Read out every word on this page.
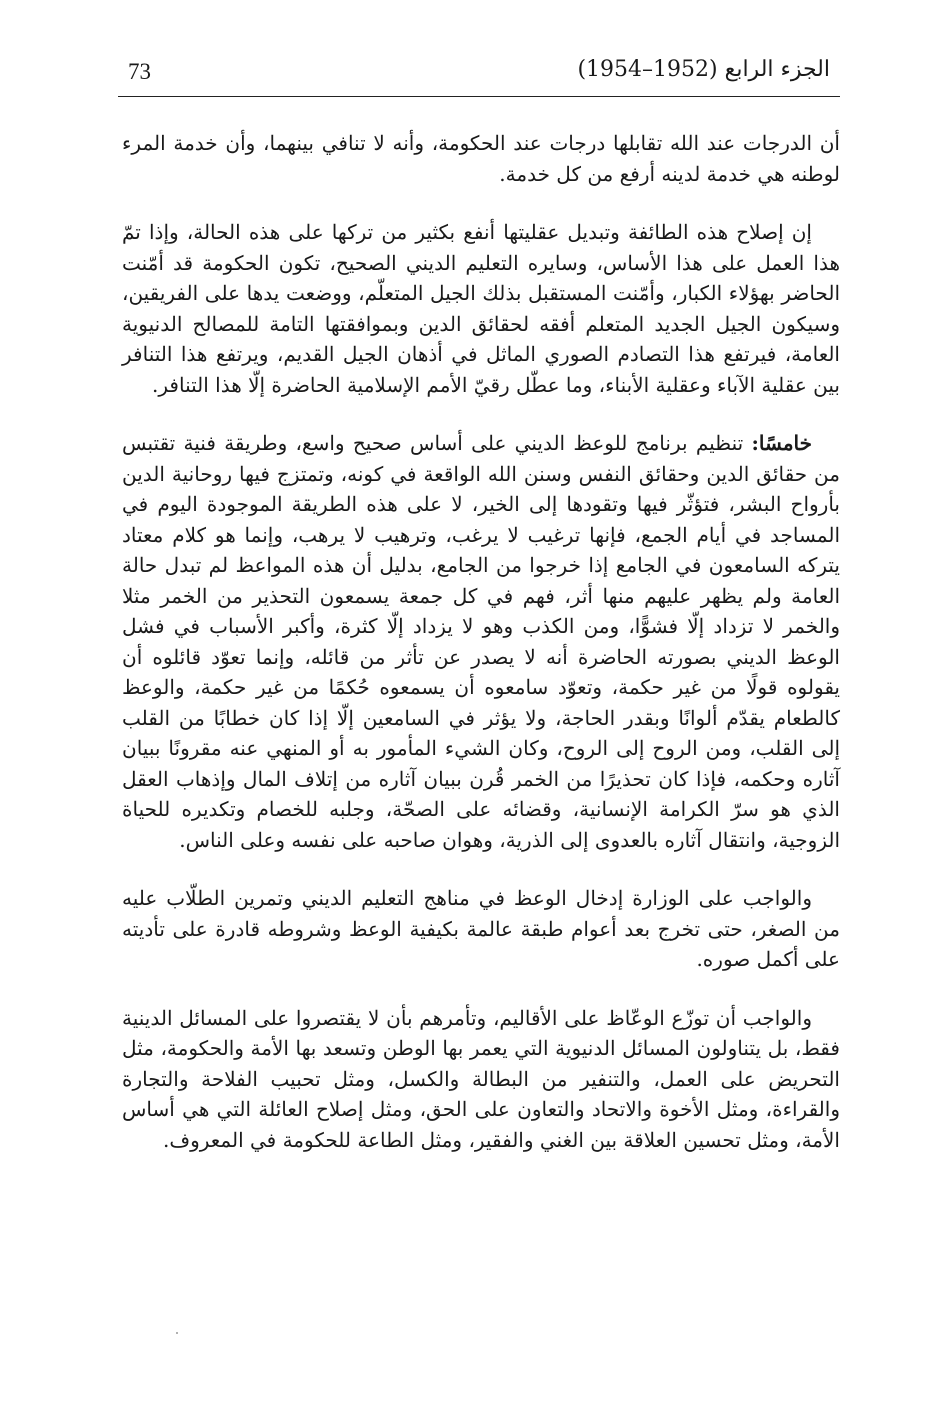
73	الجزء الرابع (1952–1954)

أن الدرجات عند الله تقابلها درجات عند الحكومة، وأنه لا تنافي بينهما، وأن خدمة المرء لوطنه هي خدمة لدينه أرفع من كل خدمة.

إن إصلاح هذه الطائفة وتبديل عقليتها أنفع بكثير من تركها على هذه الحالة، وإذا تمّ هذا العمل على هذا الأساس، وسايره التعليم الديني الصحيح، تكون الحكومة قد أمّنت الحاضر بهؤلاء الكبار، وأمّنت المستقبل بذلك الجيل المتعلّم، ووضعت يدها على الفريقين، وسيكون الجيل الجديد المتعلم أفقه لحقائق الدين وبموافقتها التامة للمصالح الدنيوية العامة، فيرتفع هذا التصادم الصوري الماثل في أذهان الجيل القديم، ويرتفع هذا التنافر بين عقلية الآباء وعقلية الأبناء، وما عطّل رقيّ الأمم الإسلامية الحاضرة إلّا هذا التنافر.

خامسًا: تنظيم برنامج للوعظ الديني على أساس صحيح واسع، وطريقة فنية تقتبس من حقائق الدين وحقائق النفس وسنن الله الواقعة في كونه، وتمتزج فيها روحانية الدين بأرواح البشر، فتؤثّر فيها وتقودها إلى الخير، لا على هذه الطريقة الموجودة اليوم في المساجد في أيام الجمع، فإنها ترغيب لا يرغب، وترهيب لا يرهب، وإنما هو كلام معتاد يتركه السامعون في الجامع إذا خرجوا من الجامع، بدليل أن هذه المواعظ لم تبدل حالة العامة ولم يظهر عليهم منها أثر، فهم في كل جمعة يسمعون التحذير من الخمر مثلا والخمر لا تزداد إلّا فشوًّا، ومن الكذب وهو لا يزداد إلّا كثرة، وأكبر الأسباب في فشل الوعظ الديني بصورته الحاضرة أنه لا يصدر عن تأثر من قائله، وإنما تعوّد قائلوه أن يقولوه قولًا من غير حكمة، وتعوّد سامعوه أن يسمعوه حُكمًا من غير حكمة، والوعظ كالطعام يقدّم ألوانًا وبقدر الحاجة، ولا يؤثر في السامعين إلّا إذا كان خطابًا من القلب إلى القلب، ومن الروح إلى الروح، وكان الشيء المأمور به أو المنهي عنه مقرونًا ببيان آثاره وحكمه، فإذا كان تحذيرًا من الخمر قُرن ببيان آثاره من إتلاف المال وإذهاب العقل الذي هو سرّ الكرامة الإنسانية، وقضائه على الصحّة، وجلبه للخصام وتكديره للحياة الزوجية، وانتقال آثاره بالعدوى إلى الذرية، وهوان صاحبه على نفسه وعلى الناس.

والواجب على الوزارة إدخال الوعظ في مناهج التعليم الديني وتمرين الطلّاب عليه من الصغر، حتى تخرج بعد أعوام طبقة عالمة بكيفية الوعظ وشروطه قادرة على تأديته على أكمل صوره.

والواجب أن توزّع الوعّاظ على الأقاليم، وتأمرهم بأن لا يقتصروا على المسائل الدينية فقط، بل يتناولون المسائل الدنيوية التي يعمر بها الوطن وتسعد بها الأمة والحكومة، مثل التحريض على العمل، والتنفير من البطالة والكسل، ومثل تحبيب الفلاحة والتجارة والقراءة، ومثل الأخوة والاتحاد والتعاون على الحق، ومثل إصلاح العائلة التي هي أساس الأمة، ومثل تحسين العلاقة بين الغني والفقير، ومثل الطاعة للحكومة في المعروف.
